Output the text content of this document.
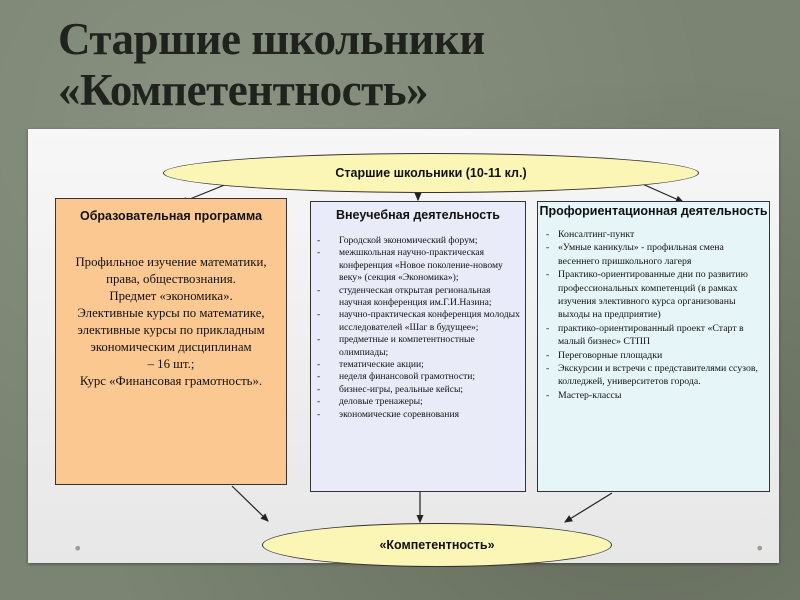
Старшие школьники
«Компетентность»
Старшие школьники (10-11 кл.)
Образовательная программа
Профильное изучение математики,
права, обществознания.
Предмет «экономика».
Элективные курсы по математике,
элективные курсы по прикладным
экономическим дисциплинам
– 16 шт.;
Курс «Финансовая грамотность».
Внеучебная деятельность
- Городской экономический форум;
- межшкольная научно-практическая конференция «Новое поколение-новому веку» (секция «Экономика»);
- студенческая открытая региональная научная конференция им.Г.И.Назина;
- научно-практическая конференция молодых исследователей «Шаг в будущее»;
- предметные и компетентностные олимпиады;
- тематические акции;
- неделя финансовой грамотности;
- бизнес-игры, реальные кейсы;
- деловые тренажеры;
- экономические соревнования
Профориентационная деятельность
- Консалтинг-пункт
- «Умные каникулы» - профильная смена весеннего пришкольного лагеря
- Практико-ориентированные дни по развитию профессиональных компетенций (в рамках изучения элективного курса организованы выходы на предприятие)
- практико-ориентированный проект «Старт в малый бизнес» СТПП
- Переговорные площадки
- Экскурсии и встречи с представителями ссузов, колледжей, университетов города.
- Мастер-классы
«Компетентность»
•	•
